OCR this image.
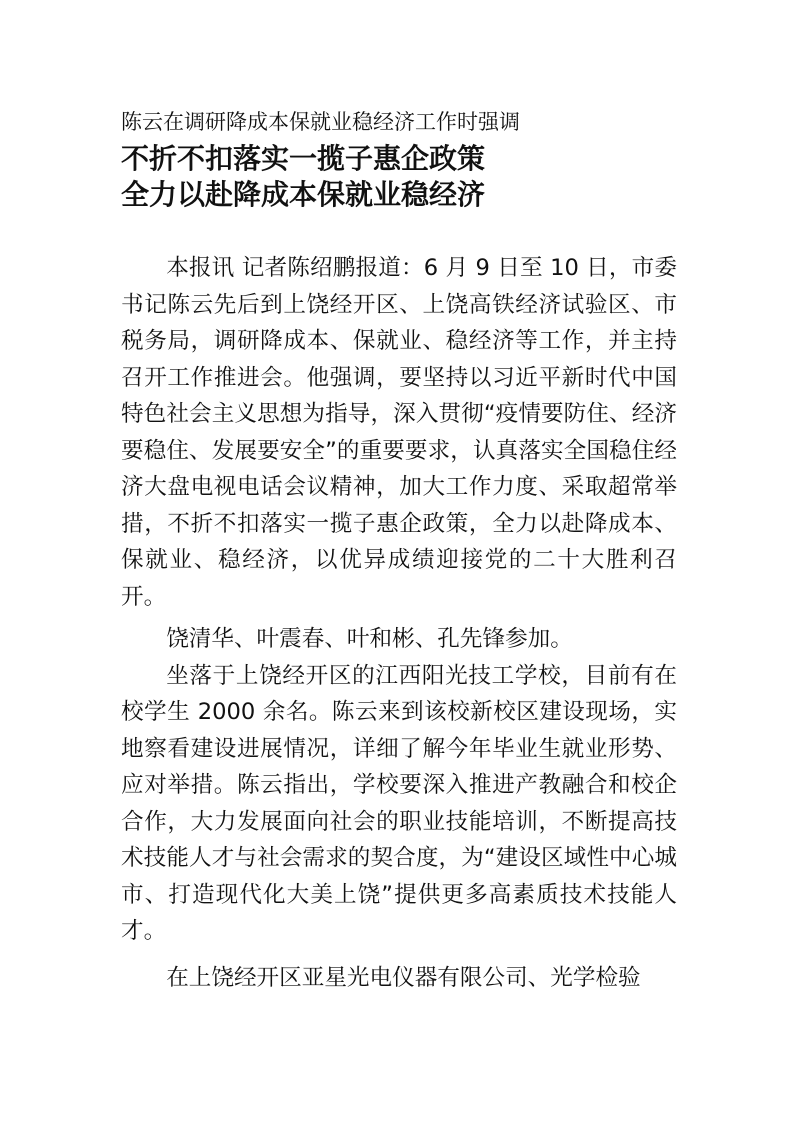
陈云在调研降成本保就业稳经济工作时强调
不折不扣落实一揽子惠企政策
全力以赴降成本保就业稳经济

本报讯 记者陈绍鹏报道：6 月 9 日至 10 日，市委书记陈云先后到上饶经开区、上饶高铁经济试验区、市税务局，调研降成本、保就业、稳经济等工作，并主持召开工作推进会。他强调，要坚持以习近平新时代中国特色社会主义思想为指导，深入贯彻“疫情要防住、经济要稳住、发展要安全”的重要要求，认真落实全国稳住经济大盘电视电话会议精神，加大工作力度、采取超常举措，不折不扣落实一揽子惠企政策，全力以赴降成本、保就业、稳经济，以优异成绩迎接党的二十大胜利召开。

饶清华、叶震春、叶和彬、孔先锋参加。

坐落于上饶经开区的江西阳光技工学校，目前有在校学生 2000 余名。陈云来到该校新校区建设现场，实地察看建设进展情况，详细了解今年毕业生就业形势、应对举措。陈云指出，学校要深入推进产教融合和校企合作，大力发展面向社会的职业技能培训，不断提高技术技能人才与社会需求的契合度，为“建设区域性中心城市、打造现代化大美上饶”提供更多高素质技术技能人才。

在上饶经开区亚星光电仪器有限公司、光学检验
